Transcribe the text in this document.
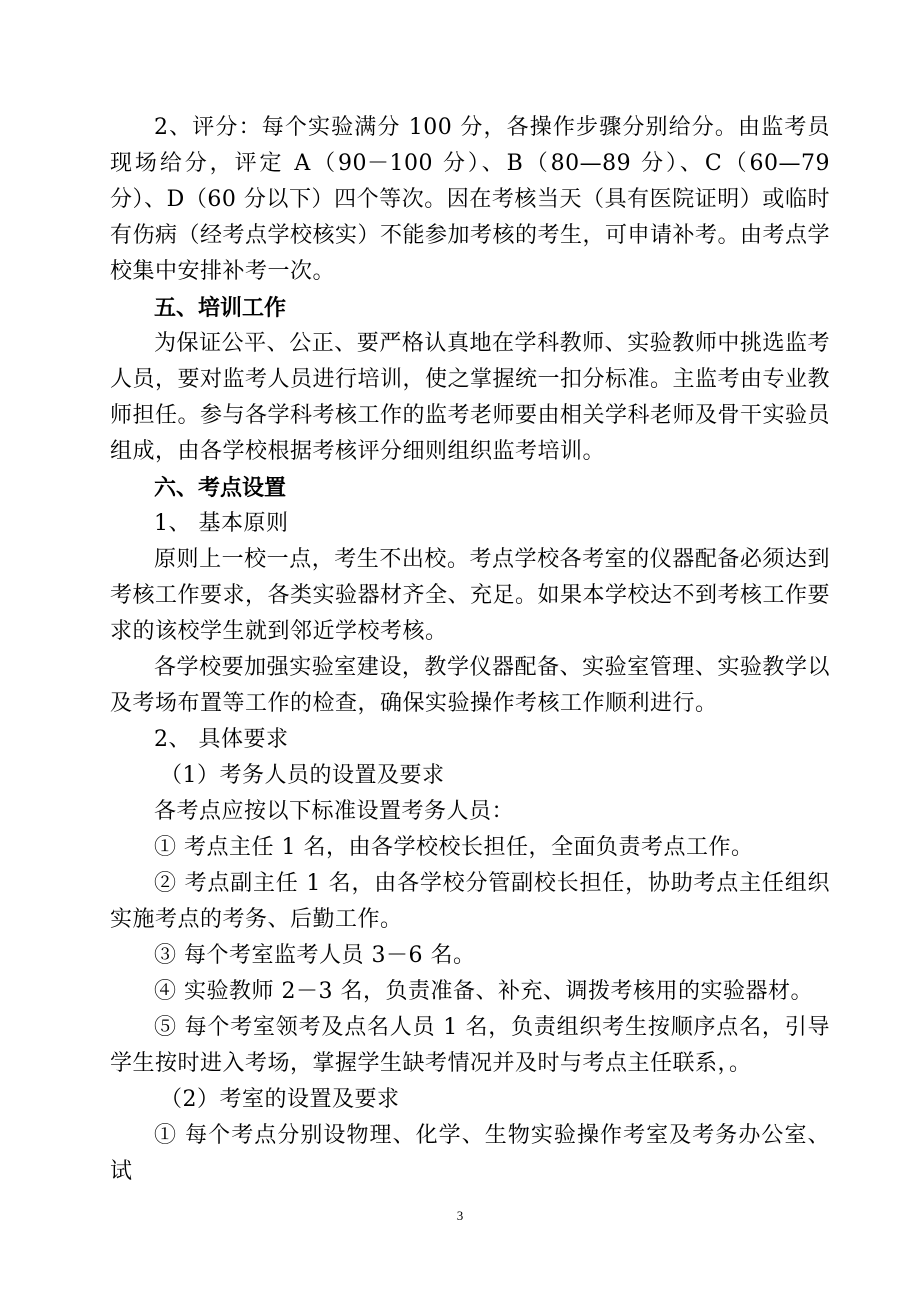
2、评分：每个实验满分 100 分，各操作步骤分别给分。由监考员现场给分，评定 A（90－100 分）、B（80—89 分）、C（60—79 分）、D（60 分以下）四个等次。因在考核当天（具有医院证明）或临时有伤病（经考点学校核实）不能参加考核的考生，可申请补考。由考点学校集中安排补考一次。

五、培训工作

为保证公平、公正、要严格认真地在学科教师、实验教师中挑选监考人员，要对监考人员进行培训，使之掌握统一扣分标准。主监考由专业教师担任。参与各学科考核工作的监考老师要由相关学科老师及骨干实验员组成，由各学校根据考核评分细则组织监考培训。

六、考点设置

1、 基本原则

原则上一校一点，考生不出校。考点学校各考室的仪器配备必须达到考核工作要求，各类实验器材齐全、充足。如果本学校达不到考核工作要求的该校学生就到邻近学校考核。

各学校要加强实验室建设，教学仪器配备、实验室管理、实验教学以及考场布置等工作的检查，确保实验操作考核工作顺利进行。

2、 具体要求

（1）考务人员的设置及要求

各考点应按以下标准设置考务人员：

① 考点主任 1 名，由各学校校长担任，全面负责考点工作。

② 考点副主任 1 名，由各学校分管副校长担任，协助考点主任组织实施考点的考务、后勤工作。

③ 每个考室监考人员 3－6 名。

④ 实验教师 2－3 名，负责准备、补充、调拨考核用的实验器材。

⑤ 每个考室领考及点名人员 1 名，负责组织考生按顺序点名，引导学生按时进入考场，掌握学生缺考情况并及时与考点主任联系，。

（2）考室的设置及要求

① 每个考点分别设物理、化学、生物实验操作考室及考务办公室、试

3
